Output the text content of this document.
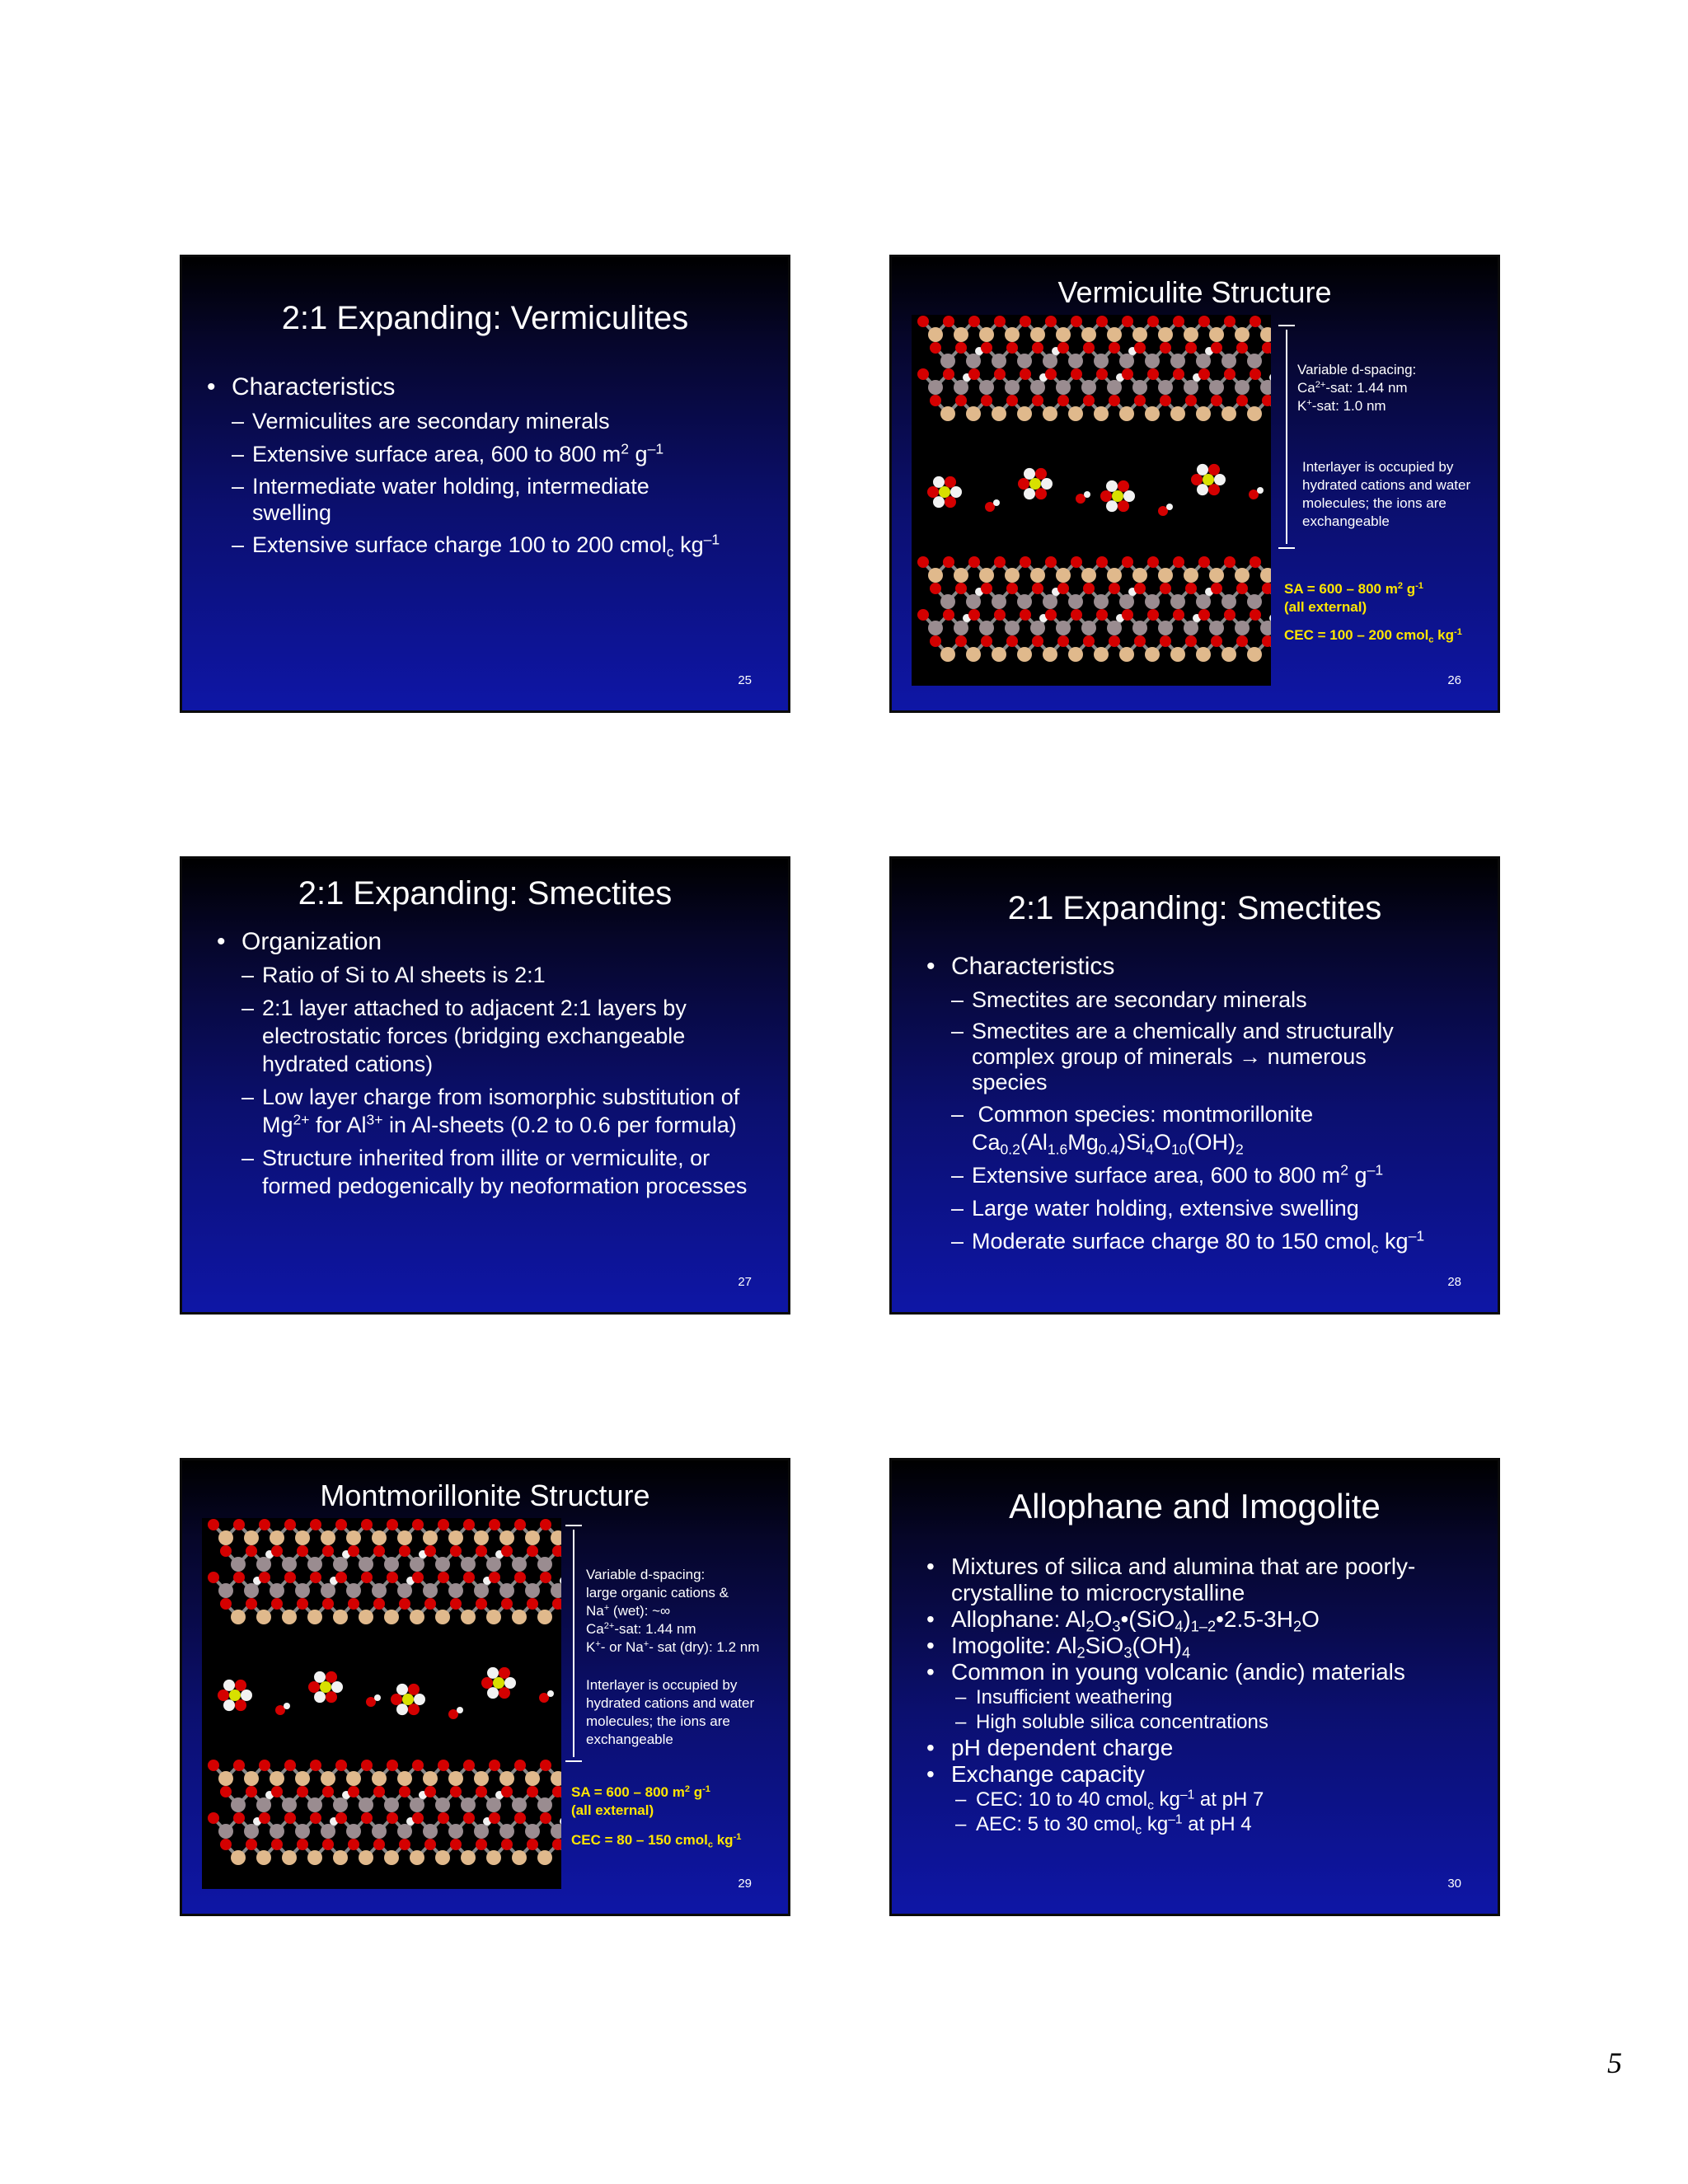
2:1 Expanding: Vermiculites
• Characteristics
– Vermiculites are secondary minerals
– Extensive surface area, 600 to 800 $m^2$ $g^{-1}$
– Intermediate water holding, intermediate swelling
– Extensive surface charge 100 to 200 cmol$_c$ $kg^{-1}$
25
Vermiculite Structure
Variable d-spacing:
$Ca^{2+}$-sat: 1.44 nm
K+-sat: 1.0 nm
Interlayer is occupied by hydrated cations and water molecules; the ions are exchangeable
SA = 600 – 800 $m^2$ $g^{-1}$
(all external)
CEC = 100 – 200 cmol$_c$ $kg^{-1}$
26
2:1 Expanding: Smectites
• Organization
– Ratio of Si to Al sheets is 2:1
– 2:1 layer attached to adjacent 2:1 layers by electrostatic forces (bridging exchangeable hydrated cations)
– Low layer charge from isomorphic substitution of $Mg^{2+}$ for $Al^{3+}$ in Al-sheets (0.2 to 0.6 per formula)
– Structure inherited from illite or vermiculite, or formed pedogenically by neoformation processes
27
2:1 Expanding: Smectites
• Characteristics
– Smectites are secondary minerals
– Smectites are a chemically and structurally complex group of minerals → numerous species
– Common species: montmorillonite
$Ca_{0.2}(Al_{1.6}Mg_{0.4})Si_4O_{10}(OH)_2$
– Extensive surface area, 600 to 800 $m^2$ $g^{-1}$
– Large water holding, extensive swelling
– Moderate surface charge 80 to 150 cmol$_c$ $kg^{-1}$
28
Montmorillonite Structure
Variable d-spacing:
large organic cations &
Na+ (wet): ~∞
$Ca^{2+}$-sat: 1.44 nm
K+- or Na+- sat (dry): 1.2 nm
Interlayer is occupied by hydrated cations and water molecules; the ions are exchangeable
SA = 600 – 800 $m^2$ $g^{-1}$
(all external)
CEC = 80 – 150 cmol$_c$ $kg^{-1}$
29
Allophane and Imogolite
• Mixtures of silica and alumina that are poorly-crystalline to microcrystalline
• Allophane: $Al_2O_3•(SiO_4)_{1-2}•2.5-3H_2O$
• Imogolite: $Al_2SiO_3(OH)_4$
• Common in young volcanic (andic) materials
– Insufficient weathering
– High soluble silica concentrations
• pH dependent charge
• Exchange capacity
– CEC: 10 to 40 cmol$_c$ $kg^{-1}$ at pH 7
– AEC: 5 to 30 cmol$_c$ $kg^{-1}$ at pH 4
30
5
